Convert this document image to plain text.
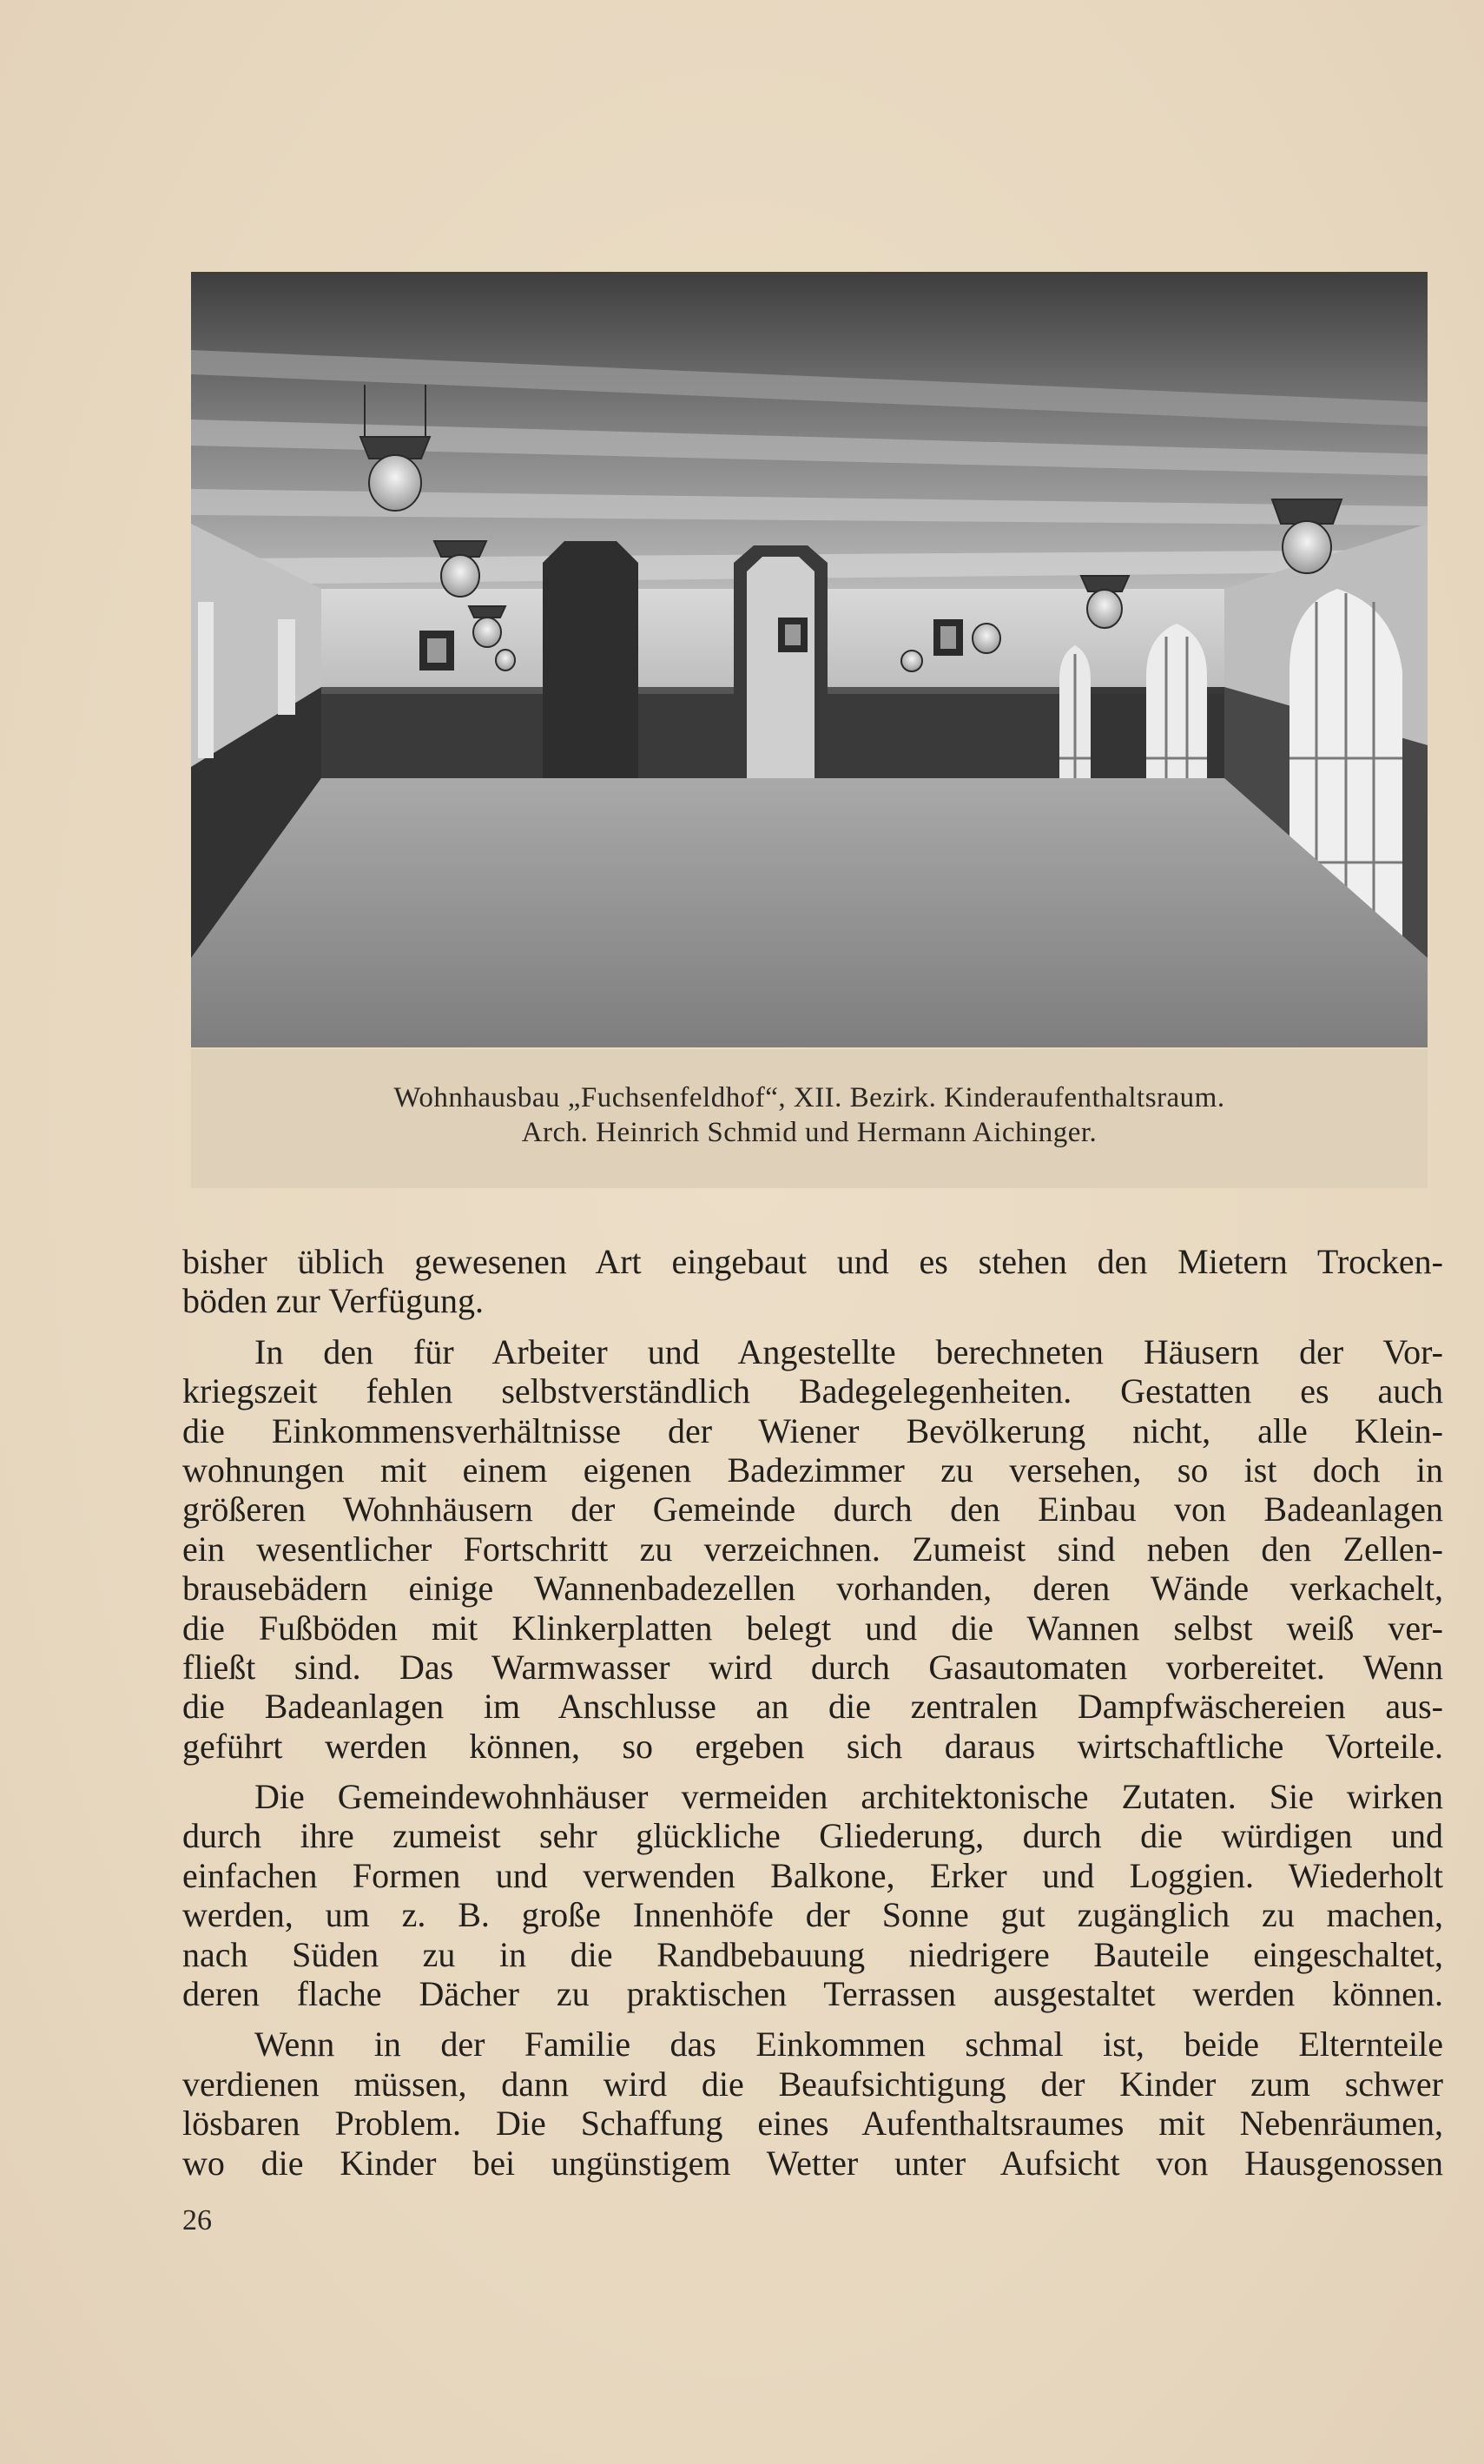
Wohnhausbau „Fuchsenfeldhof“, XII. Bezirk. Kinderaufenthaltsraum.
Arch. Heinrich Schmid und Hermann Aichinger.
bisher üblich gewesenen Art eingebaut und es stehen den Mietern Trocken-
böden zur Verfügung.
In den für Arbeiter und Angestellte berechneten Häusern der Vor-
kriegszeit fehlen selbstverständlich Badegelegenheiten. Gestatten es auch
die Einkommensverhältnisse der Wiener Bevölkerung nicht, alle Klein-
wohnungen mit einem eigenen Badezimmer zu versehen, so ist doch in
größeren Wohnhäusern der Gemeinde durch den Einbau von Badeanlagen
ein wesentlicher Fortschritt zu verzeichnen. Zumeist sind neben den Zellen-
brausebädern einige Wannenbadezellen vorhanden, deren Wände verkachelt,
die Fußböden mit Klinkerplatten belegt und die Wannen selbst weiß ver-
fließt sind. Das Warmwasser wird durch Gasautomaten vorbereitet. Wenn
die Badeanlagen im Anschlusse an die zentralen Dampfwäschereien aus-
geführt werden können, so ergeben sich daraus wirtschaftliche Vorteile.
Die Gemeindewohnhäuser vermeiden architektonische Zutaten. Sie wirken
durch ihre zumeist sehr glückliche Gliederung, durch die würdigen und
einfachen Formen und verwenden Balkone, Erker und Loggien. Wiederholt
werden, um z. B. große Innenhöfe der Sonne gut zugänglich zu machen,
nach Süden zu in die Randbebauung niedrigere Bauteile eingeschaltet,
deren flache Dächer zu praktischen Terrassen ausgestaltet werden können.
Wenn in der Familie das Einkommen schmal ist, beide Elternteile
verdienen müssen, dann wird die Beaufsichtigung der Kinder zum schwer
lösbaren Problem. Die Schaffung eines Aufenthaltsraumes mit Nebenräumen,
wo die Kinder bei ungünstigem Wetter unter Aufsicht von Hausgenossen
26
